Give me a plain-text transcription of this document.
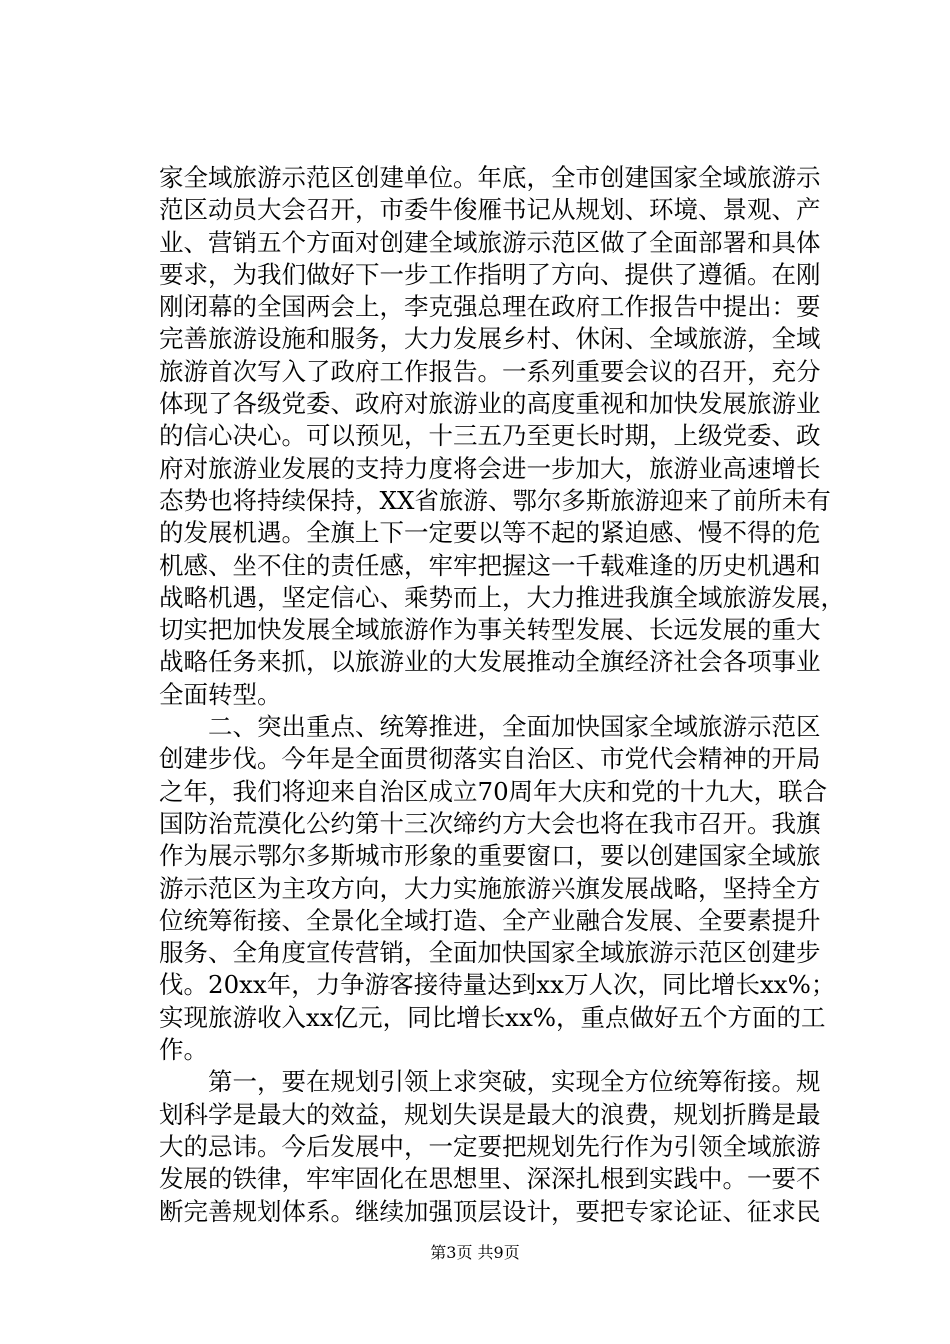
家全域旅游示范区创建单位。年底，全市创建国家全域旅游示
范区动员大会召开，市委牛俊雁书记从规划、环境、景观、产
业、营销五个方面对创建全域旅游示范区做了全面部署和具体
要求，为我们做好下一步工作指明了方向、提供了遵循。在刚
刚闭幕的全国两会上，李克强总理在政府工作报告中提出：要
完善旅游设施和服务，大力发展乡村、休闲、全域旅游，全域
旅游首次写入了政府工作报告。一系列重要会议的召开，充分
体现了各级党委、政府对旅游业的高度重视和加快发展旅游业
的信心决心。可以预见，十三五乃至更长时期，上级党委、政
府对旅游业发展的支持力度将会进一步加大，旅游业高速增长
态势也将持续保持，XX省旅游、鄂尔多斯旅游迎来了前所未有
的发展机遇。全旗上下一定要以等不起的紧迫感、慢不得的危
机感、坐不住的责任感，牢牢把握这一千载难逢的历史机遇和
战略机遇，坚定信心、乘势而上，大力推进我旗全域旅游发展，
切实把加快发展全域旅游作为事关转型发展、长远发展的重大
战略任务来抓，以旅游业的大发展推动全旗经济社会各项事业
全面转型。
二、突出重点、统筹推进，全面加快国家全域旅游示范区
创建步伐。今年是全面贯彻落实自治区、市党代会精神的开局
之年，我们将迎来自治区成立70周年大庆和党的十九大，联合
国防治荒漠化公约第十三次缔约方大会也将在我市召开。我旗
作为展示鄂尔多斯城市形象的重要窗口，要以创建国家全域旅
游示范区为主攻方向，大力实施旅游兴旗发展战略，坚持全方
位统筹衔接、全景化全域打造、全产业融合发展、全要素提升
服务、全角度宣传营销，全面加快国家全域旅游示范区创建步
伐。20xx年，力争游客接待量达到xx万人次，同比增长xx%；
实现旅游收入xx亿元，同比增长xx%，重点做好五个方面的工
作。
第一，要在规划引领上求突破，实现全方位统筹衔接。规
划科学是最大的效益，规划失误是最大的浪费，规划折腾是最
大的忌讳。今后发展中，一定要把规划先行作为引领全域旅游
发展的铁律，牢牢固化在思想里、深深扎根到实践中。一要不
断完善规划体系。继续加强顶层设计，要把专家论证、征求民
第3页 共9页
